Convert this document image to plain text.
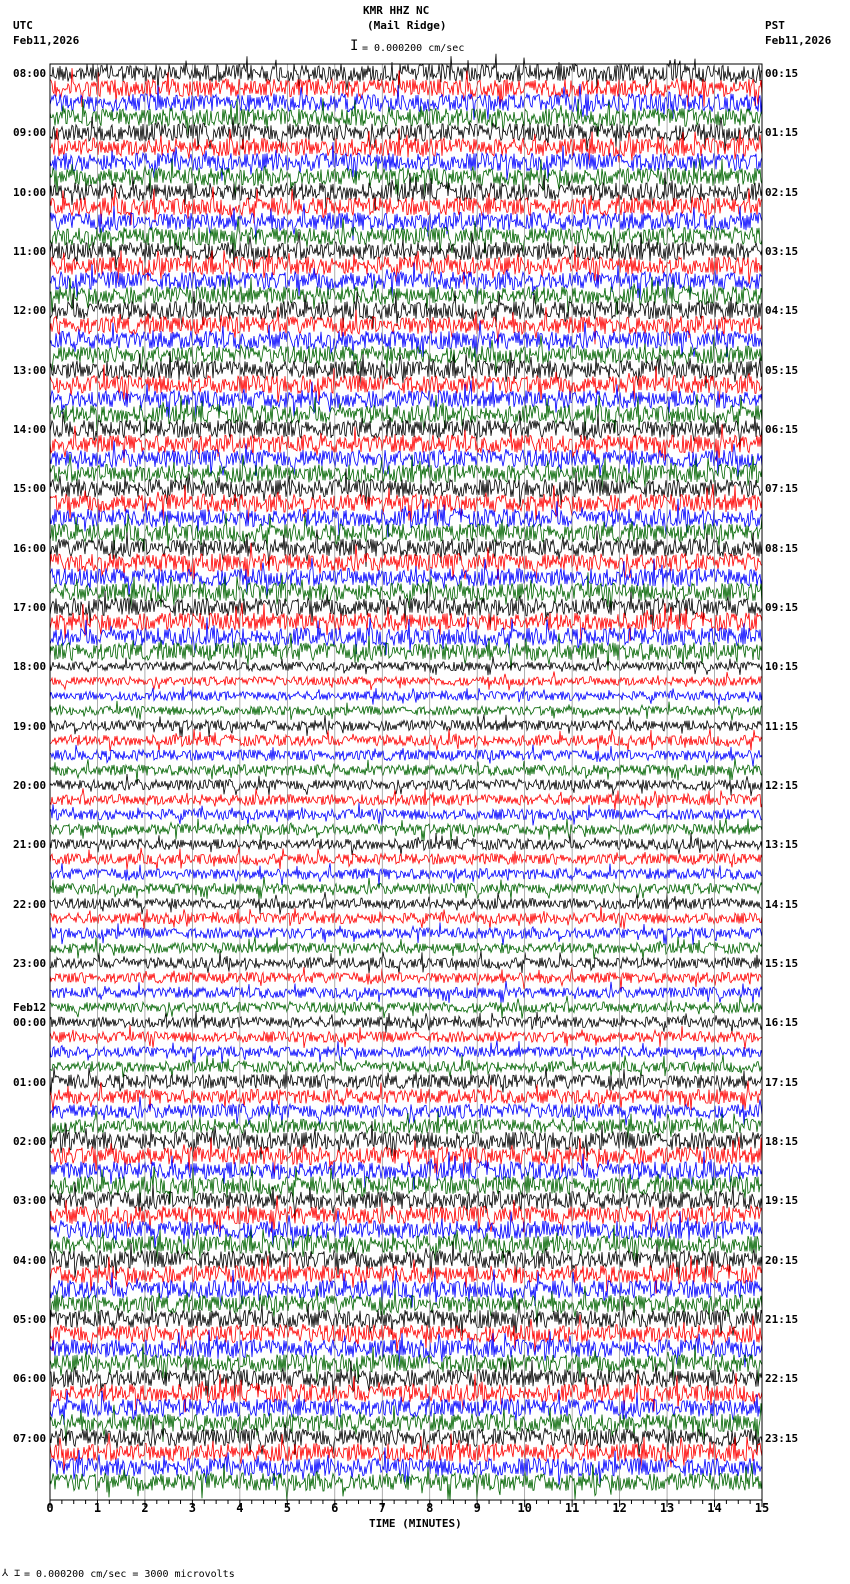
KMR HHZ NC
(Mail Ridge)
UTC
Feb11,2026
PST
Feb11,2026
I = 0.000200 cm/sec
0	1	2	3	4	5	6	7	8	9	10	11	12	13	14	15
08:00	00:15
09:00	01:15
10:00	02:15
11:00	03:15
12:00	04:15
13:00	05:15
14:00	06:15
15:00	07:15
16:00	08:15
17:00	09:15
18:00	10:15
19:00	11:15
20:00	12:15
21:00	13:15
22:00	14:15
23:00	15:15
00:00	16:15
Feb12
01:00	17:15
02:00	18:15
03:00	19:15
04:00	20:15
05:00	21:15
06:00	22:15
07:00	23:15
TIME (MINUTES)
⅄ ⌶ = 0.000200 cm/sec = 3000 microvolts
